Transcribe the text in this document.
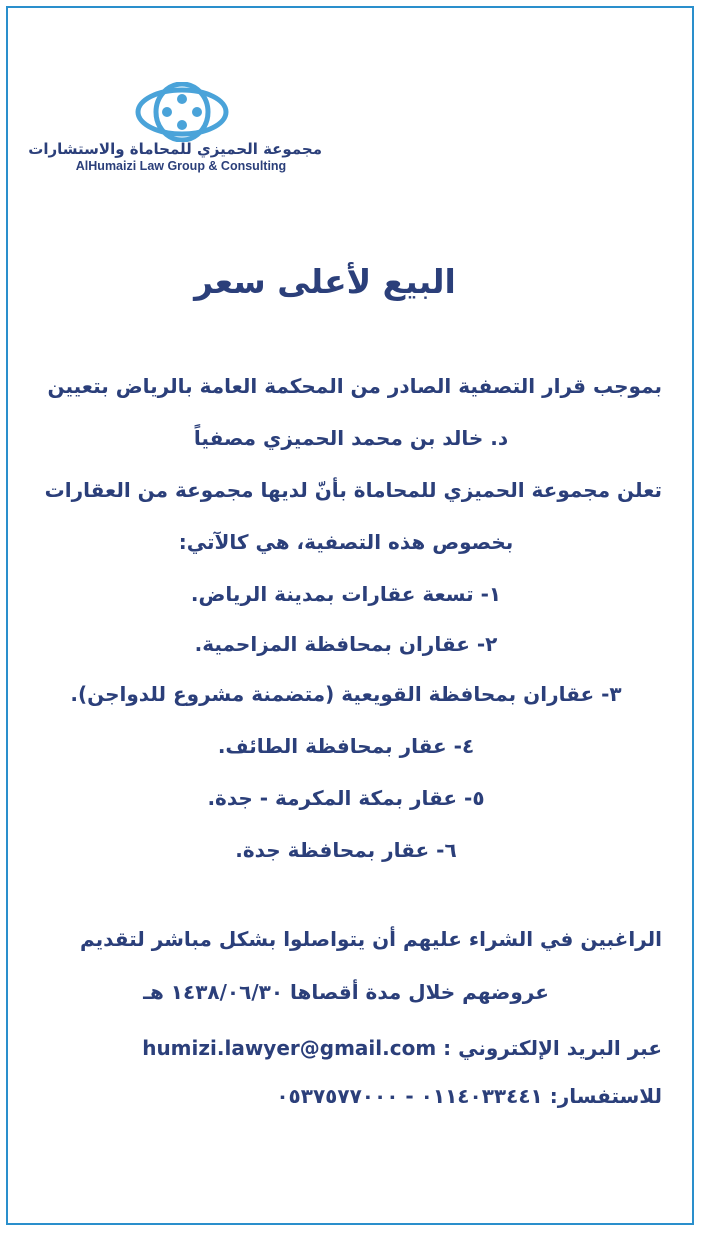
مجموعة الحميزي للمحاماة والاستشارات
AlHumaizi Law Group & Consulting
البيع لأعلى سعر
بموجب قرار التصفية الصادر من المحكمة العامة بالرياض بتعيين
د. خالد بن محمد الحميزي مصفياً
تعلن مجموعة الحميزي للمحاماة بأنّ لديها مجموعة من العقارات
بخصوص هذه التصفية، هي كالآتي:
١- تسعة عقارات بمدينة الرياض.
٢- عقاران بمحافظة المزاحمية.
٣- عقاران بمحافظة القويعية (متضمنة مشروع للدواجن).
٤- عقار بمحافظة الطائف.
٥- عقار بمكة المكرمة - جدة.
٦- عقار بمحافظة جدة.
الراغبين في الشراء عليهم أن يتواصلوا بشكل مباشر لتقديم
عروضهم خلال مدة أقصاها ١٤٣٨/٠٦/٣٠ هـ
عبر البريد الإلكتروني : humizi.lawyer@gmail.com
للاستفسار: ٠١١٤٠٣٣٤٤١ - ٠٥٣٧٥٧٧٠٠٠
